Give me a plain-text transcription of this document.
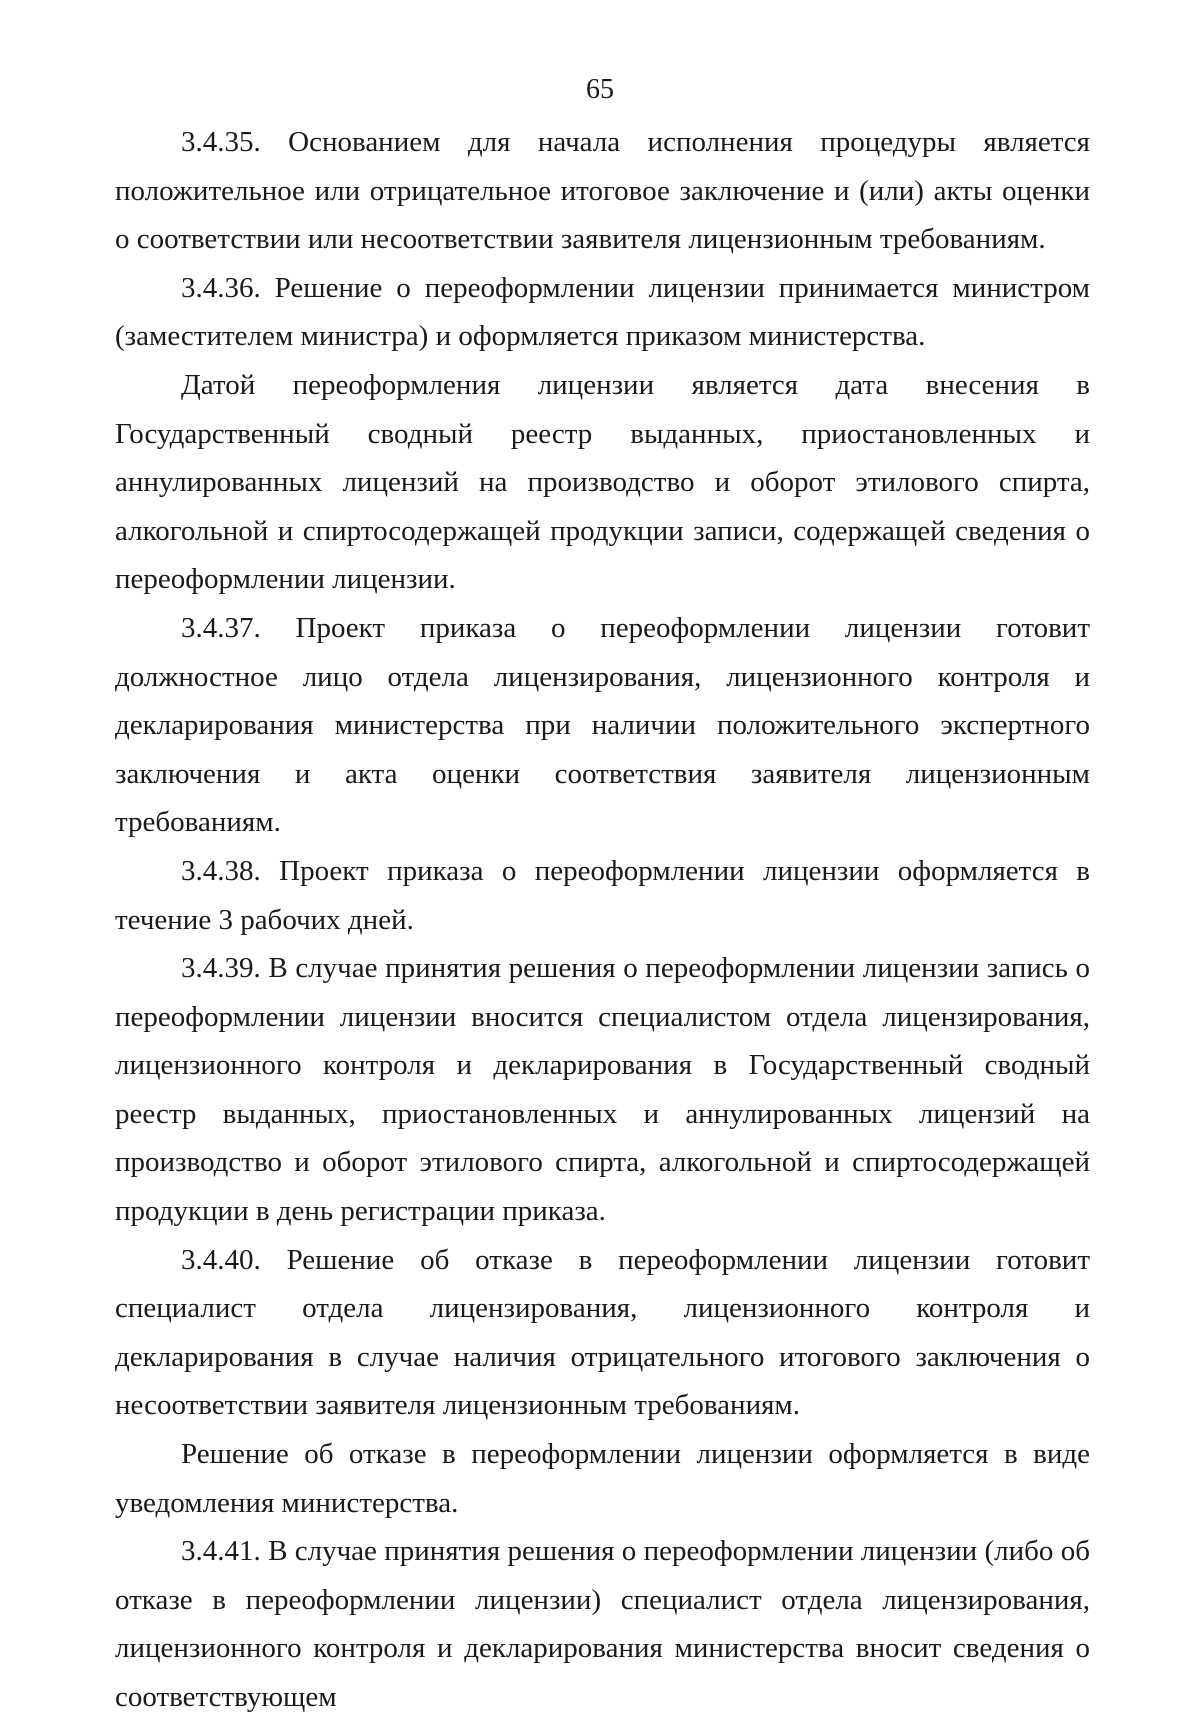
65

3.4.35. Основанием для начала исполнения процедуры является положительное или отрицательное итоговое заключение и (или) акты оценки о соответствии или несоответствии заявителя лицензионным требованиям.

3.4.36. Решение о переоформлении лицензии принимается министром (заместителем министра) и оформляется приказом министерства.

Датой переоформления лицензии является дата внесения в Государственный сводный реестр выданных, приостановленных и аннулированных лицензий на производство и оборот этилового спирта, алкогольной и спиртосодержащей продукции записи, содержащей сведения о переоформлении лицензии.

3.4.37. Проект приказа о переоформлении лицензии готовит должностное лицо отдела лицензирования, лицензионного контроля и декларирования министерства при наличии положительного экспертного заключения и акта оценки соответствия заявителя лицензионным требованиям.

3.4.38. Проект приказа о переоформлении лицензии оформляется в течение 3 рабочих дней.

3.4.39. В случае принятия решения о переоформлении лицензии запись о переоформлении лицензии вносится специалистом отдела лицензирования, лицензионного контроля и декларирования в Государственный сводный реестр выданных, приостановленных и аннулированных лицензий на производство и оборот этилового спирта, алкогольной и спиртосодержащей продукции в день регистрации приказа.

3.4.40. Решение об отказе в переоформлении лицензии готовит специалист отдела лицензирования, лицензионного контроля и декларирования в случае наличия отрицательного итогового заключения о несоответствии заявителя лицензионным требованиям.

Решение об отказе в переоформлении лицензии оформляется в виде уведомления министерства.

3.4.41. В случае принятия решения о переоформлении лицензии (либо об отказе в переоформлении лицензии) специалист отдела лицензирования, лицензионного контроля и декларирования министерства вносит сведения о соответствующем
